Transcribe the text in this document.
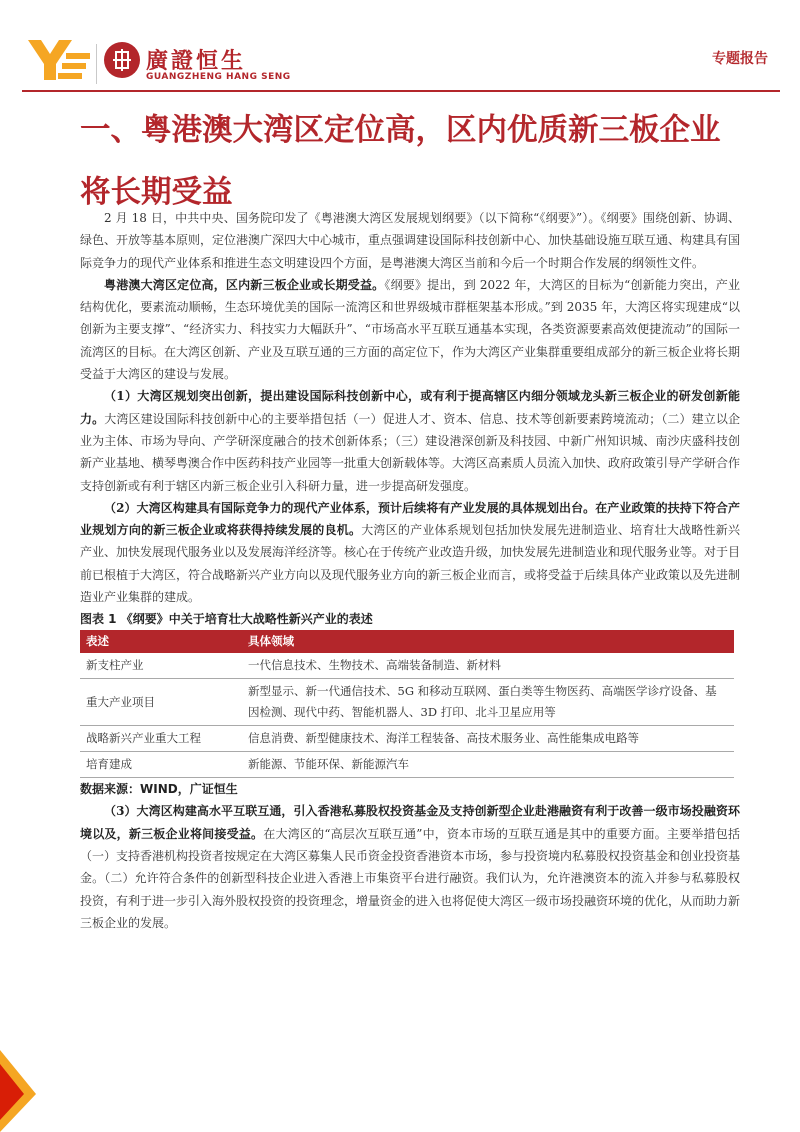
廣證恒生
GUANGZHENG HANG SENG
专题报告
一、粤港澳大湾区定位高，区内优质新三板企业将长期受益

2 月 18 日，中共中央、国务院印发了《粤港澳大湾区发展规划纲要》（以下简称“《纲要》”）。《纲要》围绕创新、协调、绿色、开放等基本原则，定位港澳广深四大中心城市，重点强调建设国际科技创新中心、加快基础设施互联互通、构建具有国际竞争力的现代产业体系和推进生态文明建设四个方面，是粤港澳大湾区当前和今后一个时期合作发展的纲领性文件。

粤港澳大湾区定位高，区内新三板企业或长期受益。《纲要》提出，到 2022 年，大湾区的目标为“创新能力突出，产业结构优化，要素流动顺畅，生态环境优美的国际一流湾区和世界级城市群框架基本形成。”到 2035 年，大湾区将实现建成“以创新为主要支撑”、“经济实力、科技实力大幅跃升”、“市场高水平互联互通基本实现，各类资源要素高效便捷流动”的国际一流湾区的目标。在大湾区创新、产业及互联互通的三方面的高定位下，作为大湾区产业集群重要组成部分的新三板企业将长期受益于大湾区的建设与发展。

（1）大湾区规划突出创新，提出建设国际科技创新中心，或有利于提高辖区内细分领域龙头新三板企业的研发创新能力。大湾区建设国际科技创新中心的主要举措包括（一）促进人才、资本、信息、技术等创新要素跨境流动；（二）建立以企业为主体、市场为导向、产学研深度融合的技术创新体系；（三）建设港深创新及科技园、中新广州知识城、南沙庆盛科技创新产业基地、横琴粤澳合作中医药科技产业园等一批重大创新载体等。大湾区高素质人员流入加快、政府政策引导产学研合作支持创新或有利于辖区内新三板企业引入科研力量，进一步提高研发强度。

（2）大湾区构建具有国际竞争力的现代产业体系，预计后续将有产业发展的具体规划出台。在产业政策的扶持下符合产业规划方向的新三板企业或将获得持续发展的良机。大湾区的产业体系规划包括加快发展先进制造业、培育壮大战略性新兴产业、加快发展现代服务业以及发展海洋经济等。核心在于传统产业改造升级，加快发展先进制造业和现代服务业等。对于目前已根植于大湾区，符合战略新兴产业方向以及现代服务业方向的新三板企业而言，或将受益于后续具体产业政策以及先进制造业产业集群的建成。

图表 1 《纲要》中关于培育壮大战略性新兴产业的表述
表述	具体领域
新支柱产业	一代信息技术、生物技术、高端装备制造、新材料
重大产业项目	新型显示、新一代通信技术、5G 和移动互联网、蛋白类等生物医药、高端医学诊疗设备、基因检测、现代中药、智能机器人、3D 打印、北斗卫星应用等
战略新兴产业重大工程	信息消费、新型健康技术、海洋工程装备、高技术服务业、高性能集成电路等
培育建成	新能源、节能环保、新能源汽车
数据来源：WIND，广证恒生

（3）大湾区构建高水平互联互通，引入香港私募股权投资基金及支持创新型企业赴港融资有利于改善一级市场投融资环境以及，新三板企业将间接受益。在大湾区的“高层次互联互通”中，资本市场的互联互通是其中的重要方面。主要举措包括（一）支持香港机构投资者按规定在大湾区募集人民币资金投资香港资本市场，参与投资境内私募股权投资基金和创业投资基金。（二）允许符合条件的创新型科技企业进入香港上市集资平台进行融资。我们认为，允许港澳资本的流入并参与私募股权投资，有利于进一步引入海外股权投资的投资理念，增量资金的进入也将促使大湾区一级市场投融资环境的优化，从而助力新三板企业的发展。
